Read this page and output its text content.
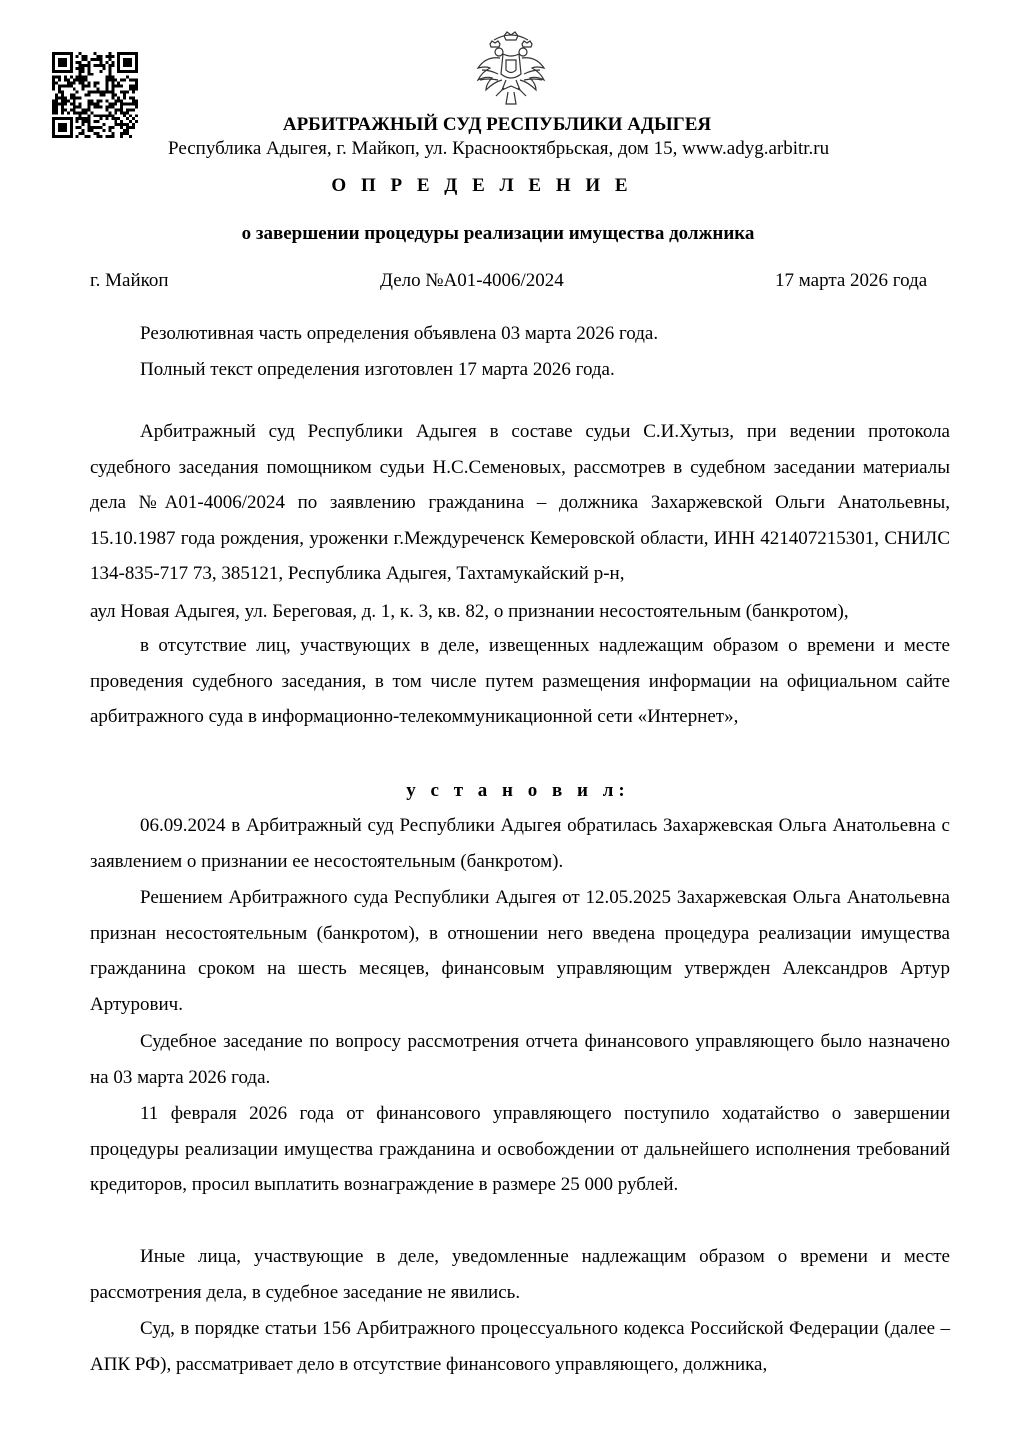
АРБИТРАЖНЫЙ СУД РЕСПУБЛИКИ АДЫГЕЯ
Республика Адыгея, г. Майкоп, ул. Краснооктябрьская, дом 15, www.adyg.arbitr.ru
О П Р Е Д Е Л Е Н И Е
о завершении процедуры реализации имущества должника
г. Майкоп	Дело №А01-4006/2024	17 марта 2026 года
Резолютивная часть определения объявлена 03 марта 2026 года.
Полный текст определения изготовлен 17 марта 2026 года.
Арбитражный суд Республики Адыгея в составе судьи С.И.Хутыз, при ведении протокола судебного заседания помощником судьи Н.С.Семеновых, рассмотрев в судебном заседании материалы дела №А01-4006/2024 по заявлению гражданина – должника Захаржевской Ольги Анатольевны, 15.10.1987 года рождения, уроженки г.Междуреченск Кемеровской области, ИНН 421407215301, СНИЛС 134-835-717 73, 385121, Республика Адыгея, Тахтамукайский р-н,
аул Новая Адыгея, ул. Береговая, д. 1, к. 3, кв. 82, о признании несостоятельным (банкротом),
в отсутствие лиц, участвующих в деле, извещенных надлежащим образом о времени и месте проведения судебного заседания, в том числе путем размещения информации на официальном сайте арбитражного суда в информационно-телекоммуникационной сети «Интернет»,
у с т а н о в и л:
06.09.2024 в Арбитражный суд Республики Адыгея обратилась Захаржевская Ольга Анатольевна с заявлением о признании ее несостоятельным (банкротом).
Решением Арбитражного суда Республики Адыгея от 12.05.2025 Захаржевская Ольга Анатольевна признан несостоятельным (банкротом), в отношении него введена процедура реализации имущества гражданина сроком на шесть месяцев, финансовым управляющим утвержден Александров Артур Артурович.
Судебное заседание по вопросу рассмотрения отчета финансового управляющего было назначено на 03 марта 2026 года.
11 февраля 2026 года от финансового управляющего поступило ходатайство о завершении процедуры реализации имущества гражданина и освобождении от дальнейшего исполнения требований кредиторов, просил выплатить вознаграждение в размере 25 000 рублей.
Иные лица, участвующие в деле, уведомленные надлежащим образом о времени и месте рассмотрения дела, в судебное заседание не явились.
Суд, в порядке статьи 156 Арбитражного процессуального кодекса Российской Федерации (далее – АПК РФ), рассматривает дело в отсутствие финансового управляющего, должника,
